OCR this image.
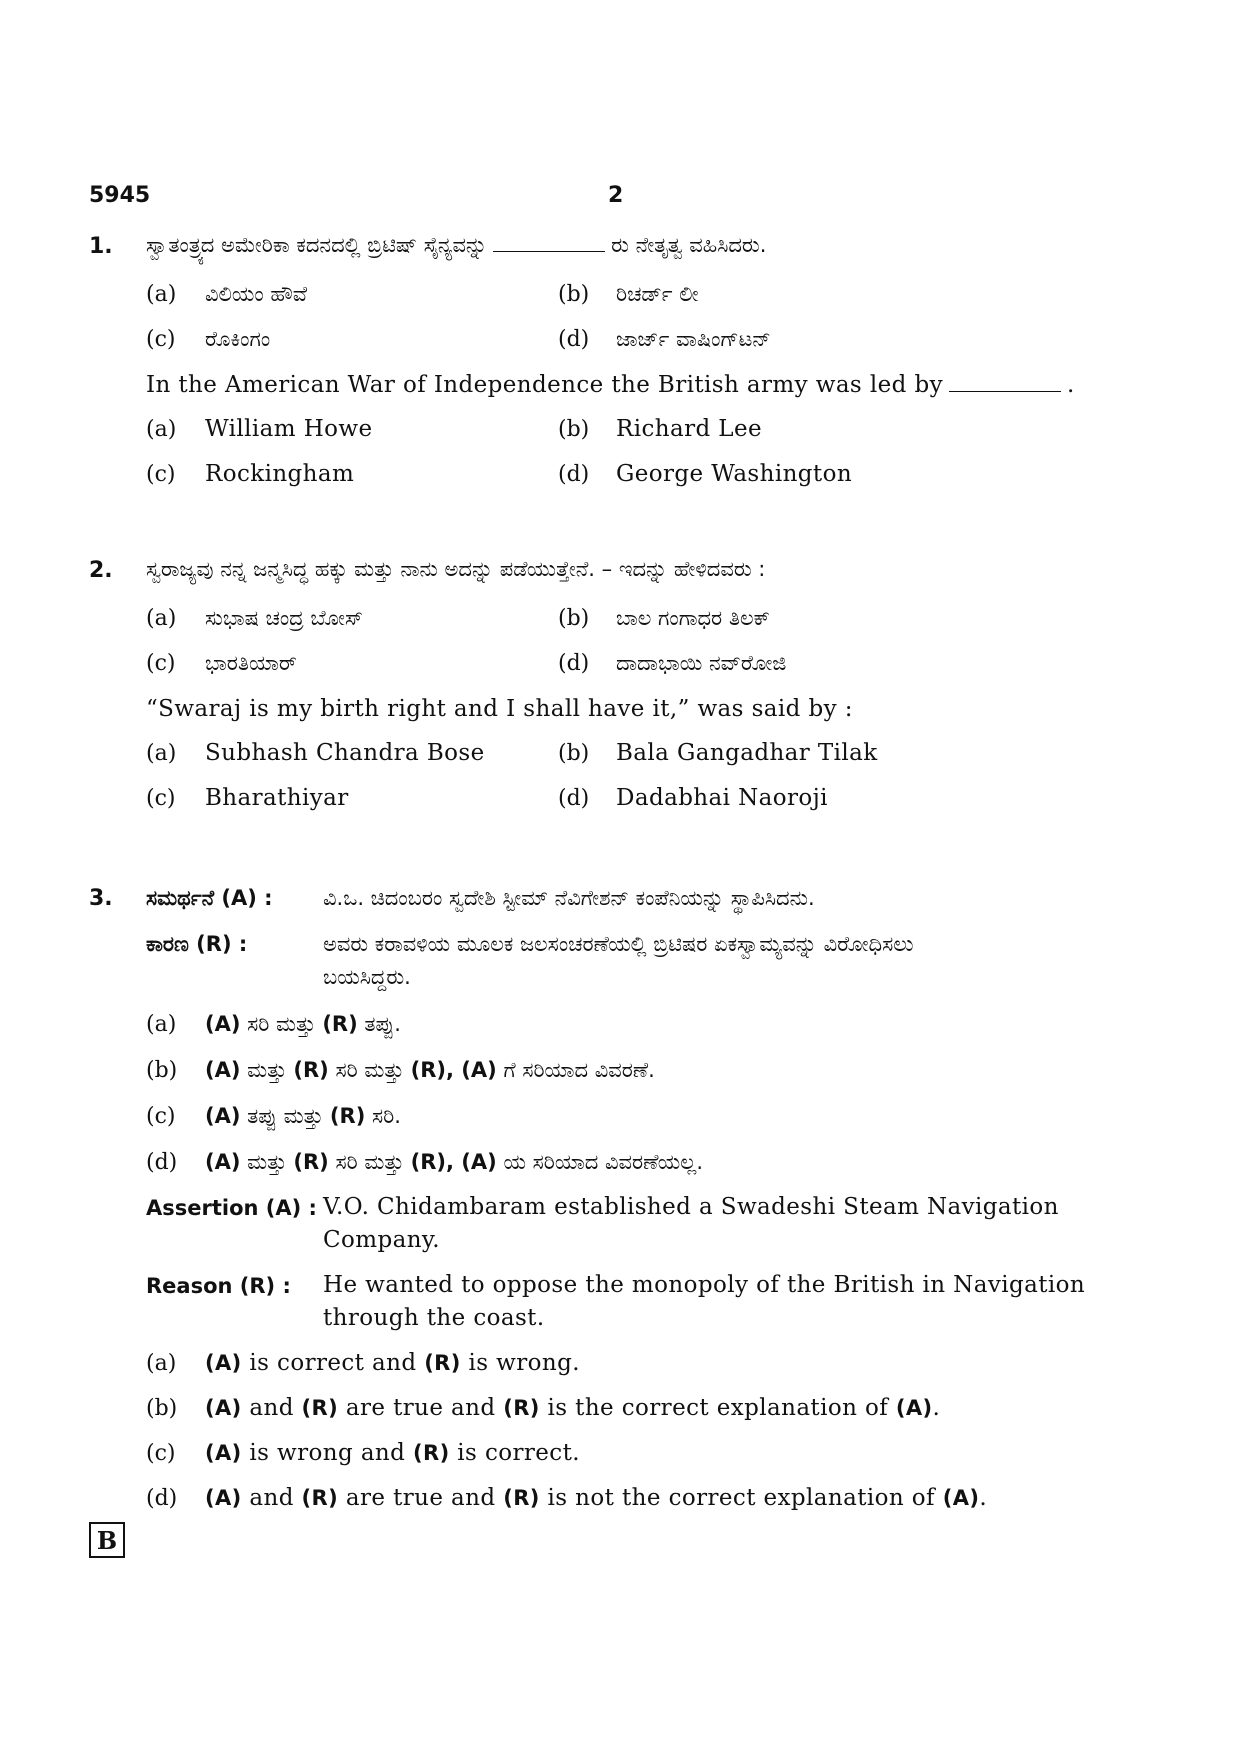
5945	2
1. ಸ್ವಾತಂತ್ರ್ಯದ ಅಮೇರಿಕಾ ಕದನದಲ್ಲಿ ಬ್ರಿಟಿಷ್ ಸೈನ್ಯವನ್ನು	ರು ನೇತೃತ್ವ ವಹಿಸಿದರು.
(a) ವಿಲಿಯಂ ಹೌವೆ	(b) ರಿಚರ್ಡ್ ಲೀ
(c) ರೊಕಿಂಗಂ	(d) ಜಾರ್ಜ್ ವಾಷಿಂಗ್‌ಟನ್
In the American War of Independence the British army was led by	.
(a) William Howe	(b) Richard Lee
(c) Rockingham	(d) George Washington
2. ಸ್ವರಾಜ್ಯವು ನನ್ನ ಜನ್ಮಸಿದ್ಧ ಹಕ್ಕು ಮತ್ತು ನಾನು ಅದನ್ನು ಪಡೆಯುತ್ತೇನೆ. – ಇದನ್ನು ಹೇಳಿದವರು :
(a) ಸುಭಾಷ ಚಂದ್ರ ಬೋಸ್	(b) ಬಾಲ ಗಂಗಾಧರ ತಿಲಕ್
(c) ಭಾರತಿಯಾರ್	(d) ದಾದಾಭಾಯಿ ನವ್‌ರೋಜಿ
“Swaraj is my birth right and I shall have it,” was said by :
(a) Subhash Chandra Bose	(b) Bala Gangadhar Tilak
(c) Bharathiyar	(d) Dadabhai Naoroji
3. ಸಮರ್ಥನೆ (A) : ವಿ.ಒ. ಚಿದಂಬರಂ ಸ್ವದೇಶಿ ಸ್ಟೀಮ್ ನೆವಿಗೇಶನ್ ಕಂಪೆನಿಯನ್ನು ಸ್ಥಾಪಿಸಿದನು.
ಕಾರಣ (R) :	ಅವರು ಕರಾವಳಿಯ ಮೂಲಕ ಜಲಸಂಚರಣೆಯಲ್ಲಿ ಬ್ರಿಟಿಷರ ಏಕಸ್ವಾಮ್ಯವನ್ನು ವಿರೋಧಿಸಲು
ಬಯಸಿದ್ದರು.
(a) (A) ಸರಿ ಮತ್ತು (R) ತಪ್ಪು.
(b) (A) ಮತ್ತು (R) ಸರಿ ಮತ್ತು (R), (A) ಗೆ ಸರಿಯಾದ ವಿವರಣೆ.
(c) (A) ತಪ್ಪು ಮತ್ತು (R) ಸರಿ.
(d) (A) ಮತ್ತು (R) ಸರಿ ಮತ್ತು (R), (A) ಯ ಸರಿಯಾದ ವಿವರಣೆಯಲ್ಲ.
Assertion (A) : V.O. Chidambaram established a Swadeshi Steam Navigation
Company.
Reason (R) : He wanted to oppose the monopoly of the British in Navigation
through the coast.
(a) (A) is correct and (R) is wrong.
(b) (A) and (R) are true and (R) is the correct explanation of (A).
(c) (A) is wrong and (R) is correct.
(d) (A) and (R) are true and (R) is not the correct explanation of (A).
B
